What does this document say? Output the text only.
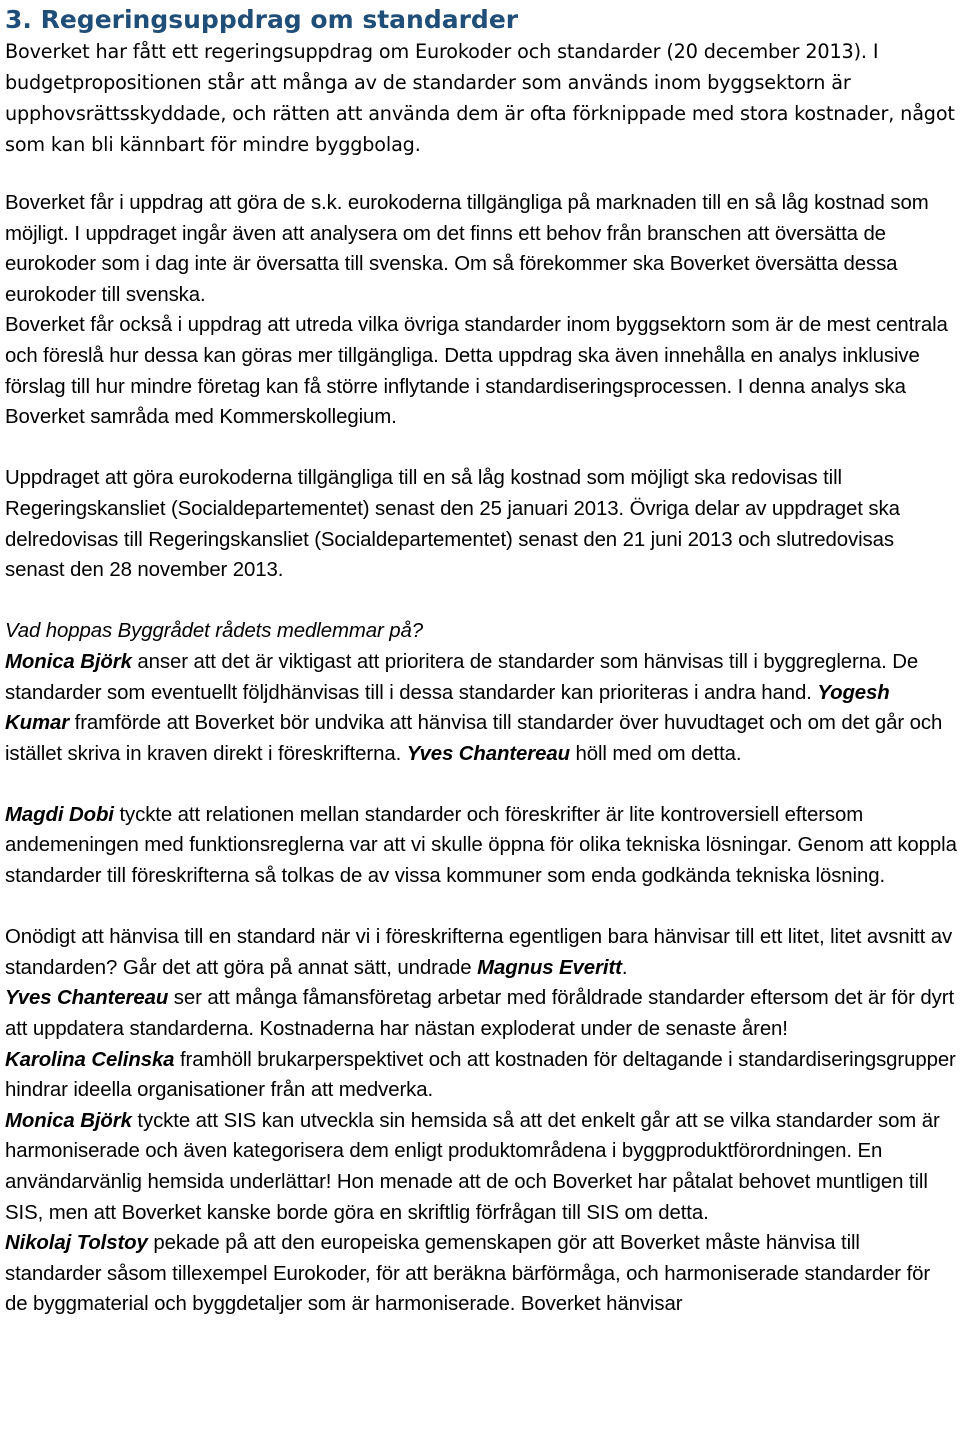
3. Regeringsuppdrag om standarder

Boverket har fått ett regeringsuppdrag om Eurokoder och standarder (20 december 2013). I budgetpropositionen står att många av de standarder som används inom byggsektorn är upphovsrättsskyddade, och rätten att använda dem är ofta förknippade med stora kostnader, något som kan bli kännbart för mindre byggbolag.

Boverket får i uppdrag att göra de s.k. eurokoderna tillgängliga på marknaden till en så låg kostnad som möjligt. I uppdraget ingår även att analysera om det finns ett behov från branschen att översätta de eurokoder som i dag inte är översatta till svenska. Om så förekommer ska Boverket översätta dessa eurokoder till svenska.

Boverket får också i uppdrag att utreda vilka övriga standarder inom byggsektorn som är de mest centrala och föreslå hur dessa kan göras mer tillgängliga. Detta uppdrag ska även innehålla en analys inklusive förslag till hur mindre företag kan få större inflytande i standardiseringsprocessen. I denna analys ska Boverket samråda med Kommerskollegium.

Uppdraget att göra eurokoderna tillgängliga till en så låg kostnad som möjligt ska redovisas till Regeringskansliet (Socialdepartementet) senast den 25 januari 2013. Övriga delar av uppdraget ska delredovisas till Regeringskansliet (Socialdepartementet) senast den 21 juni 2013 och slutredovisas senast den 28 november 2013.

Vad hoppas Byggrådet rådets medlemmar på?

Monica Björk anser att det är viktigast att prioritera de standarder som hänvisas till i byggreglerna. De standarder som eventuellt följdhänvisas till i dessa standarder kan prioriteras i andra hand. Yogesh Kumar framförde att Boverket bör undvika att hänvisa till standarder över huvudtaget och om det går och istället skriva in kraven direkt i föreskrifterna. Yves Chantereau höll med om detta.

Magdi Dobi tyckte att relationen mellan standarder och föreskrifter är lite kontroversiell eftersom andemeningen med funktionsreglerna var att vi skulle öppna för olika tekniska lösningar. Genom att koppla standarder till föreskrifterna så tolkas de av vissa kommuner som enda godkända tekniska lösning.

Onödigt att hänvisa till en standard när vi i föreskrifterna egentligen bara hänvisar till ett litet, litet avsnitt av standarden? Går det att göra på annat sätt, undrade Magnus Everitt.

Yves Chantereau ser att många fåmansföretag arbetar med föråldrade standarder eftersom det är för dyrt att uppdatera standarderna. Kostnaderna har nästan exploderat under de senaste åren!

Karolina Celinska framhöll brukarperspektivet och att kostnaden för deltagande i standardiseringsgrupper hindrar ideella organisationer från att medverka.

Monica Björk tyckte att SIS kan utveckla sin hemsida så att det enkelt går att se vilka standarder som är harmoniserade och även kategorisera dem enligt produktområdena i byggproduktförordningen. En användarvänlig hemsida underlättar! Hon menade att de och Boverket har påtalat behovet muntligen till SIS, men att Boverket kanske borde göra en skriftlig förfrågan till SIS om detta.

Nikolaj Tolstoy pekade på att den europeiska gemenskapen gör att Boverket måste hänvisa till standarder såsom tillexempel Eurokoder, för att beräkna bärförmåga, och harmoniserade standarder för de byggmaterial och byggdetaljer som är harmoniserade. Boverket hänvisar
